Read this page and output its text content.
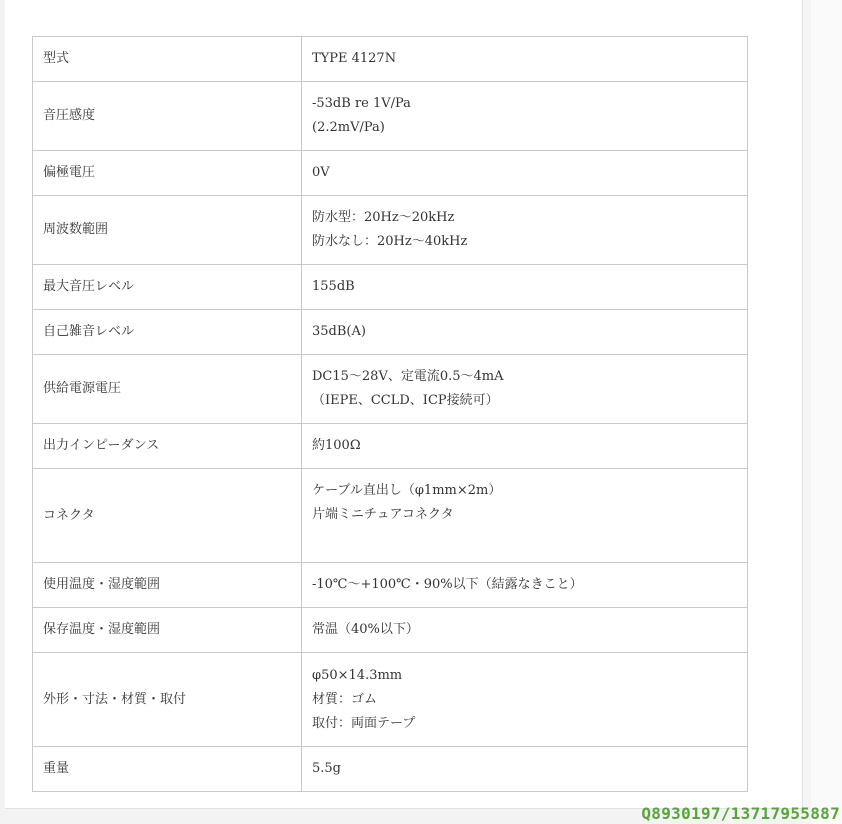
型式	TYPE 4127N

音圧感度	-53dB re 1V/Pa
(2.2mV/Pa)

偏極電圧	0V

周波数範囲	防水型：20Hz～20kHz
防水なし：20Hz～40kHz

最大音圧レベル	155dB

自己雑音レベル	35dB(A)

供給電源電圧	DC15～28V、定電流0.5～4mA
（IEPE、CCLD、ICP接続可）

出力インピーダンス	約100Ω

コネクタ	ケーブル直出し（φ1mm×2m）
片端ミニチュアコネクタ

使用温度・湿度範囲	-10℃～+100℃・90%以下（結露なきこと）

保存温度・湿度範囲	常温（40%以下）

外形・寸法・材質・取付	φ50×14.3mm
材質：ゴム
取付：両面テープ

重量	5.5g
Q8930197/13717955887
